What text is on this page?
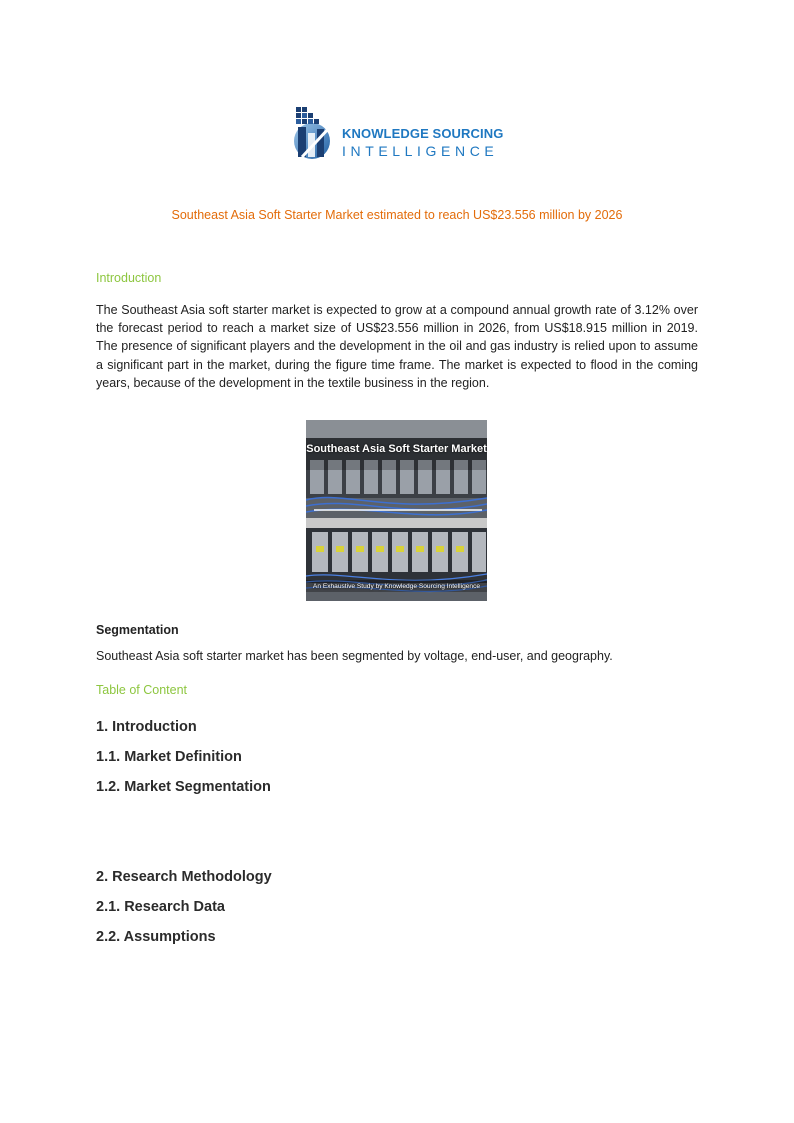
KNOWLEDGE SOURCING
INTELLIGENCE
Southeast Asia Soft Starter Market estimated to reach US$23.556 million by 2026
Introduction
The Southeast Asia soft starter market is expected to grow at a compound annual growth rate of 3.12% over the forecast period to reach a market size of US$23.556 million in 2026, from US$18.915 million in 2019. The presence of significant players and the development in the oil and gas industry is relied upon to assume a significant part in the market, during the figure time frame. The market is expected to flood in the coming years, because of the development in the textile business in the region.
Southeast Asia Soft Starter Market
An Exhaustive Study by Knowledge Sourcing Intelligence
Segmentation
Southeast Asia soft starter market has been segmented by voltage, end-user, and geography.
Table of Content
1. Introduction
1.1. Market Definition
1.2. Market Segmentation
2. Research Methodology
2.1. Research Data
2.2. Assumptions
